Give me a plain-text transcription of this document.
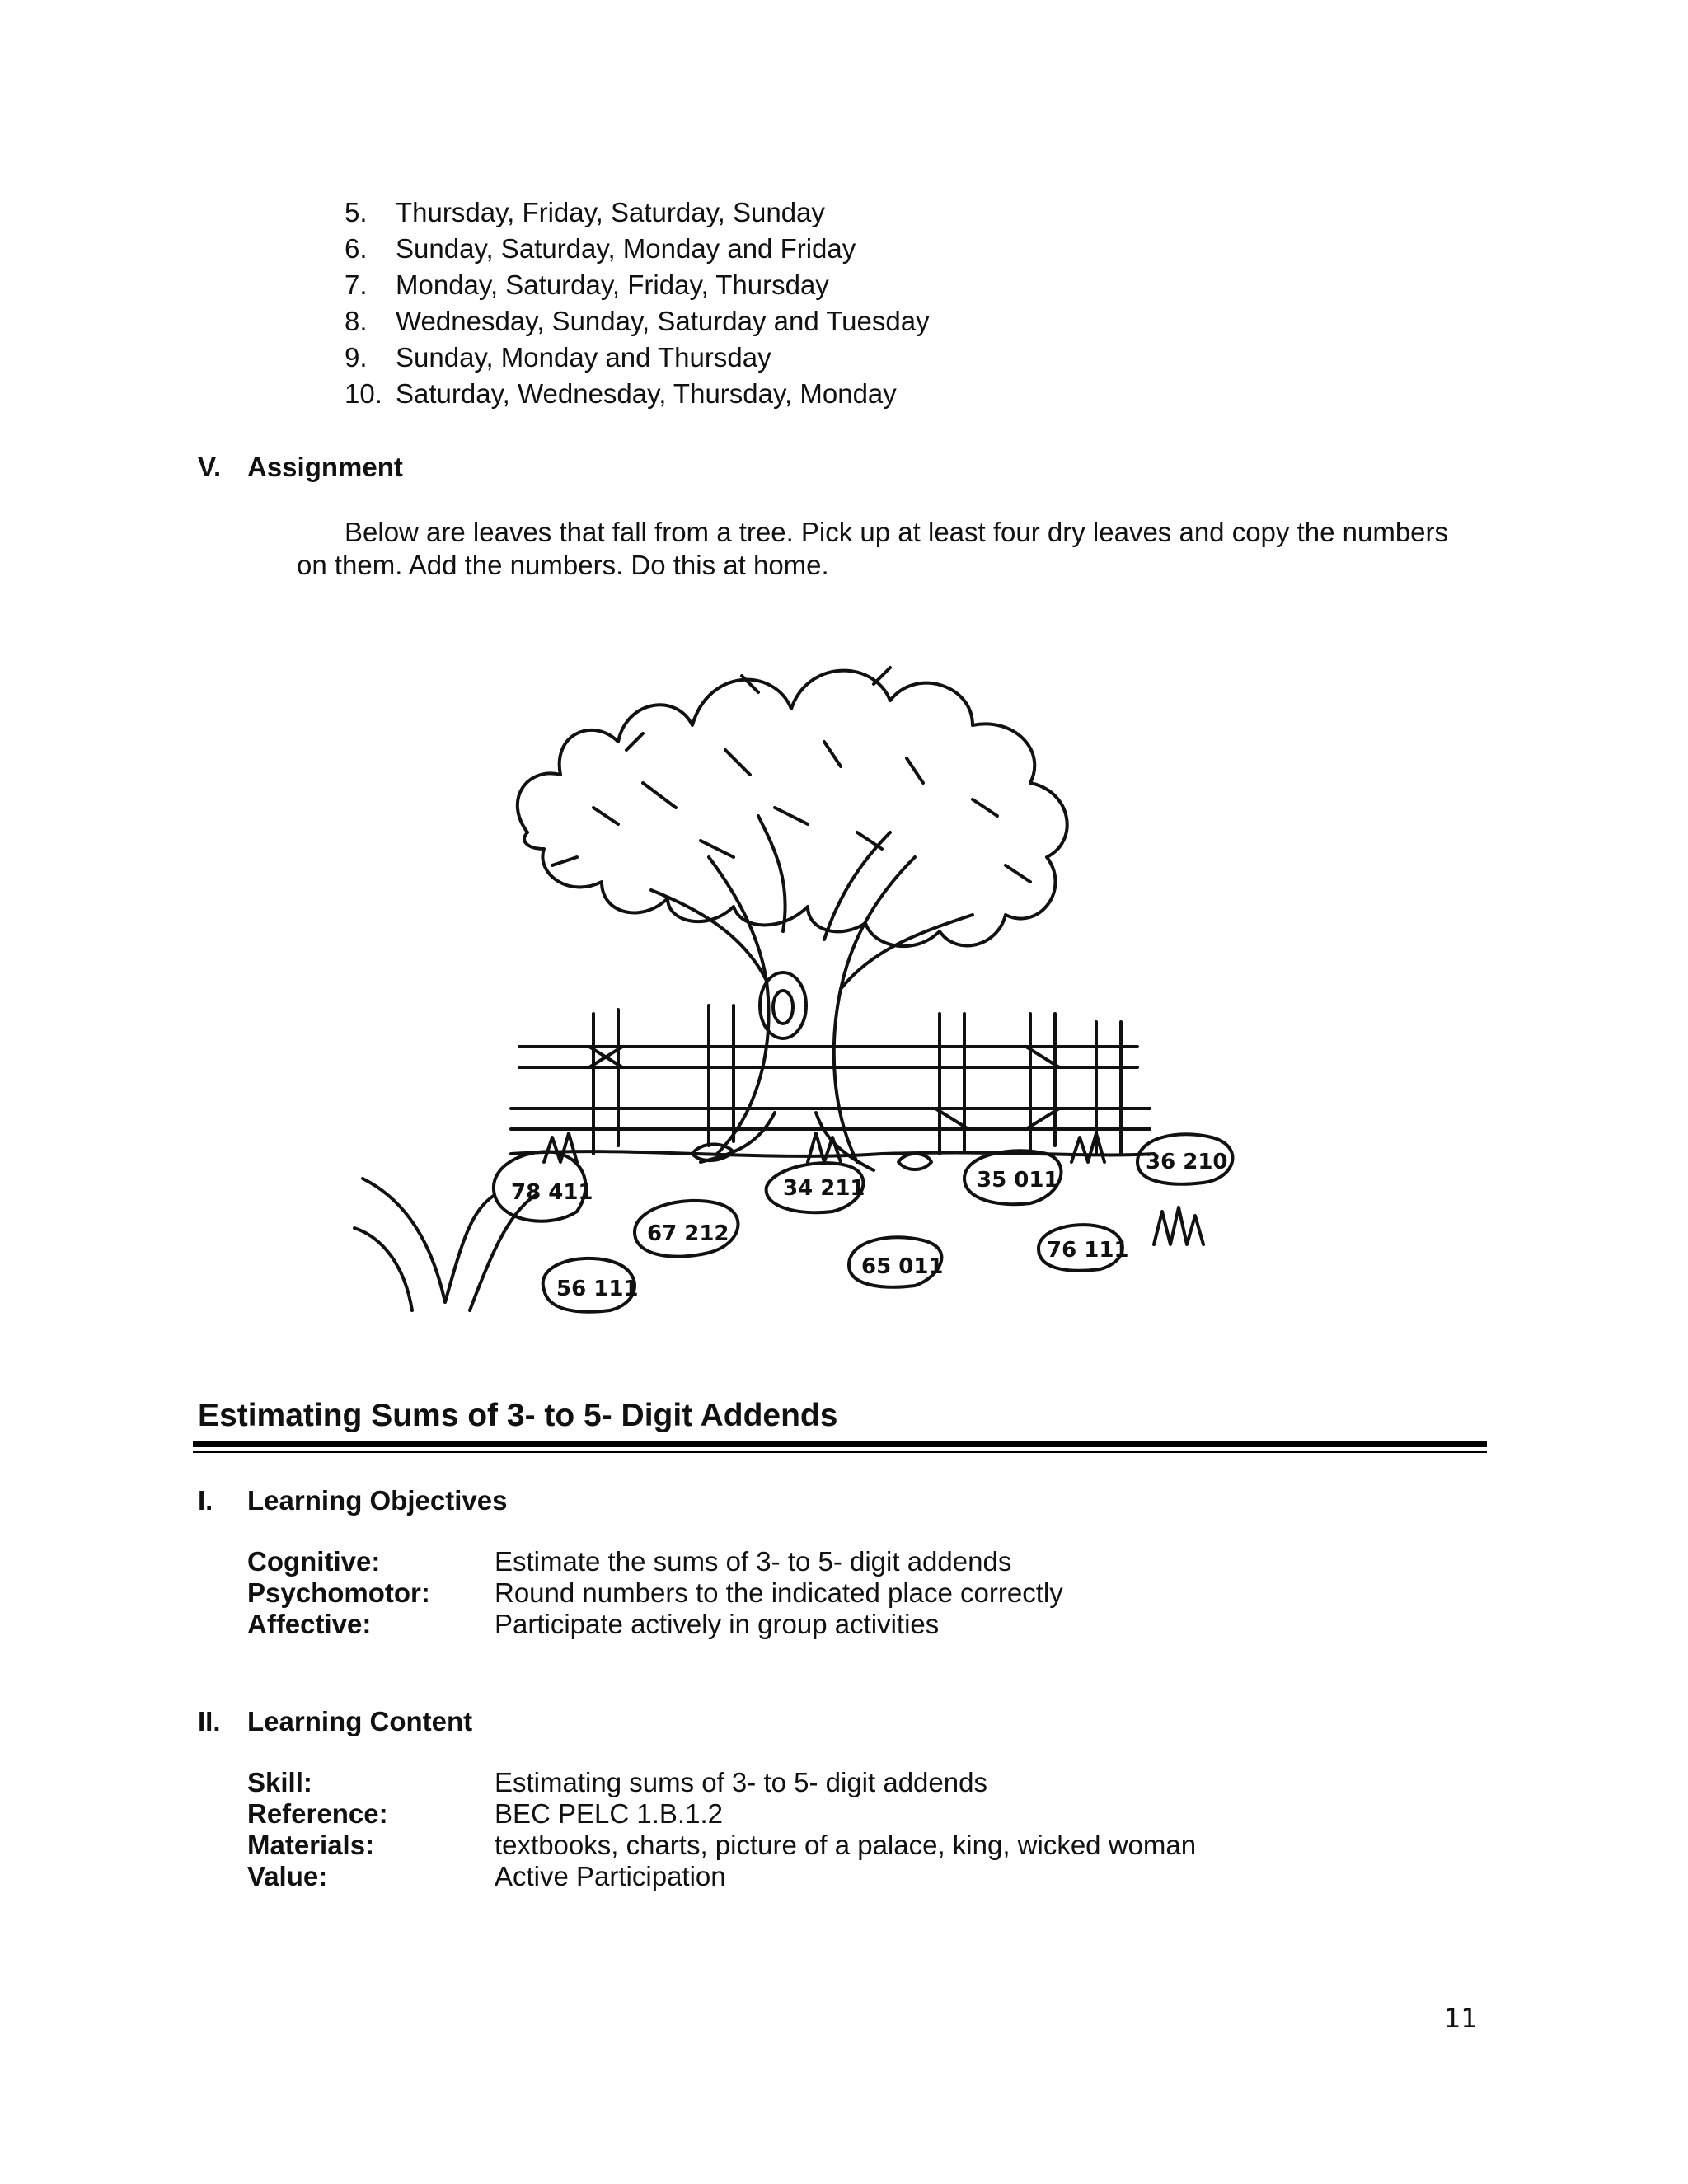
5. Thursday, Friday, Saturday, Sunday
6. Sunday, Saturday, Monday and Friday
7. Monday, Saturday, Friday, Thursday
8. Wednesday, Sunday, Saturday and Tuesday
9. Sunday, Monday and Thursday
10. Saturday, Wednesday, Thursday, Monday
V. Assignment
Below are leaves that fall from a tree. Pick up at least four dry leaves and copy the numbers on them. Add the numbers. Do this at home.
78 411
67 212
34 211
56 111
65 011
35 011
36 210
76 111
Estimating Sums of 3- to 5- Digit Addends
I. Learning Objectives
Cognitive:	Estimate the sums of 3- to 5- digit addends
Psychomotor: Round numbers to the indicated place correctly
Affective:	Participate actively in group activities
II. Learning Content
Skill:	Estimating sums of 3- to 5- digit addends
Reference:	BEC PELC 1.B.1.2
Materials:	textbooks, charts, picture of a palace, king, wicked woman
Value:	Active Participation
11
